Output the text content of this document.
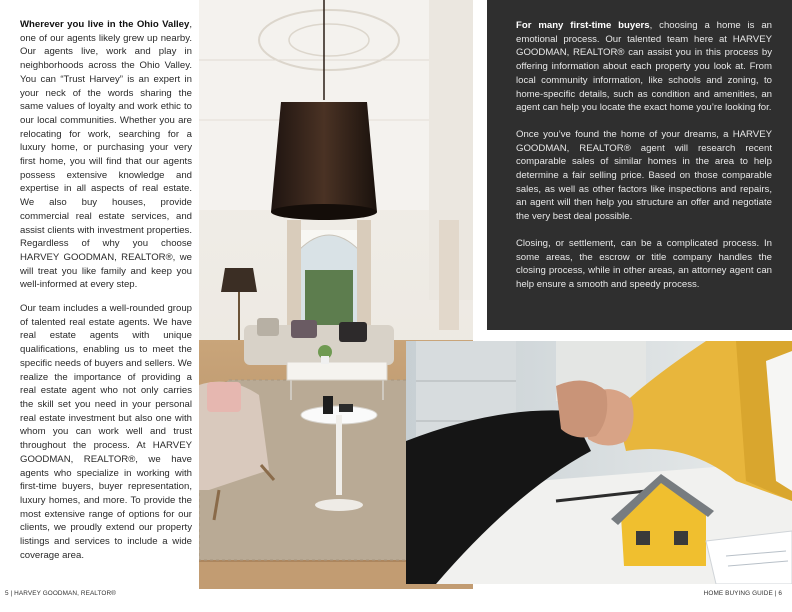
Wherever you live in the Ohio Valley, one of our agents likely grew up nearby. Our agents live, work and play in neighborhoods across the Ohio Valley. You can “Trust Harvey” is an expert in your neck of the words sharing the same values of loyalty and work ethic to our local communities. Whether you are relocating for work, searching for a luxury home, or purchasing your very first home, you will find that our agents possess extensive knowledge and expertise in all aspects of real estate. We also buy houses, provide commercial real estate services, and assist clients with investment properties. Regardless of why you choose HARVEY GOODMAN, REALTOR®, we will treat you like family and keep you well-informed at every step.

Our team includes a well-rounded group of talented real estate agents. We have real estate agents with unique qualifications, enabling us to meet the specific needs of buyers and sellers. We realize the importance of providing a real estate agent who not only carries the skill set you need in your personal real estate investment but also one with whom you can work well and trust throughout the process. At HARVEY GOODMAN, REALTOR®, we have agents who specialize in working with first-time buyers, buyer representation, luxury homes, and more. To provide the most extensive range of options for our clients, we proudly extend our property listings and services to include a wide coverage area.

For many first-time buyers, choosing a home is an emotional process. Our talented team here at HARVEY GOODMAN, REALTOR® can assist you in this process by offering information about each property you look at. From local community information, like schools and zoning, to home-specific details, such as condition and amenities, an agent can help you locate the exact home you’re looking for.

Once you’ve found the home of your dreams, a HARVEY GOODMAN, REALTOR® agent will research recent comparable sales of similar homes in the area to help determine a fair selling price. Based on those comparable sales, as well as other factors like inspections and repairs, an agent will then help you structure an offer and negotiate the very best deal possible.

Closing, or settlement, can be a complicated process. In some areas, the escrow or title company handles the closing process, while in other areas, an attorney agent can help ensure a smooth and speedy process.

5 | HARVEY GOODMAN, REALTOR®	HOME BUYING GUIDE | 6
